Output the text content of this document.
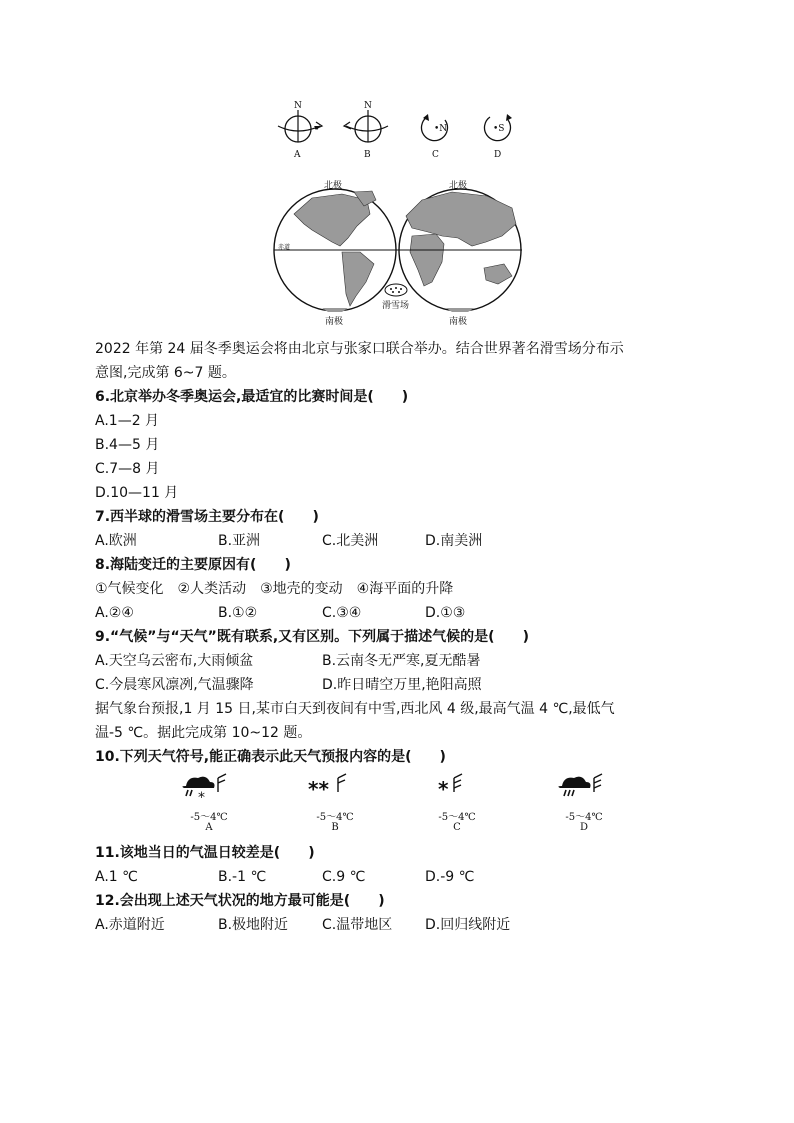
N	N
•N	•S
A	B	C	D
北极	北极
赤道
滑雪场
南极	南极
2022 年第 24 届冬季奥运会将由北京与张家口联合举办。结合世界著名滑雪场分布示
意图,完成第 6~7 题。
6.北京举办冬季奥运会,最适宜的比赛时间是(　　)
A.1—2 月
B.4—5 月
C.7—8 月
D.10—11 月
7.西半球的滑雪场主要分布在(　　)
A.欧洲	B.亚洲	C.北美洲	D.南美洲
8.海陆变迁的主要原因有(　　)
①气候变化　②人类活动　③地壳的变动　④海平面的升降
A.②④	B.①②	C.③④	D.①③
9.“气候”与“天气”既有联系,又有区别。下列属于描述气候的是(　　)
A.天空乌云密布,大雨倾盆	B.云南冬无严寒,夏无酷暑
C.今晨寒风凛冽,气温骤降	D.昨日晴空万里,艳阳高照
据气象台预报,1 月 15 日,某市白天到夜间有中雪,西北风 4 级,最高气温 4 ℃,最低气
温-5 ℃。据此完成第 10~12 题。
10.下列天气符号,能正确表示此天气预报内容的是(　　)
*	**	*
-5～4℃	-5～4℃	-5～4℃	-5～4℃
A	B	C	D
11.该地当日的气温日较差是(　　)
A.1 ℃	B.-1 ℃	C.9 ℃	D.-9 ℃
12.会出现上述天气状况的地方最可能是(　　)
A.赤道附近	B.极地附近 C.温带地区 D.回归线附近
